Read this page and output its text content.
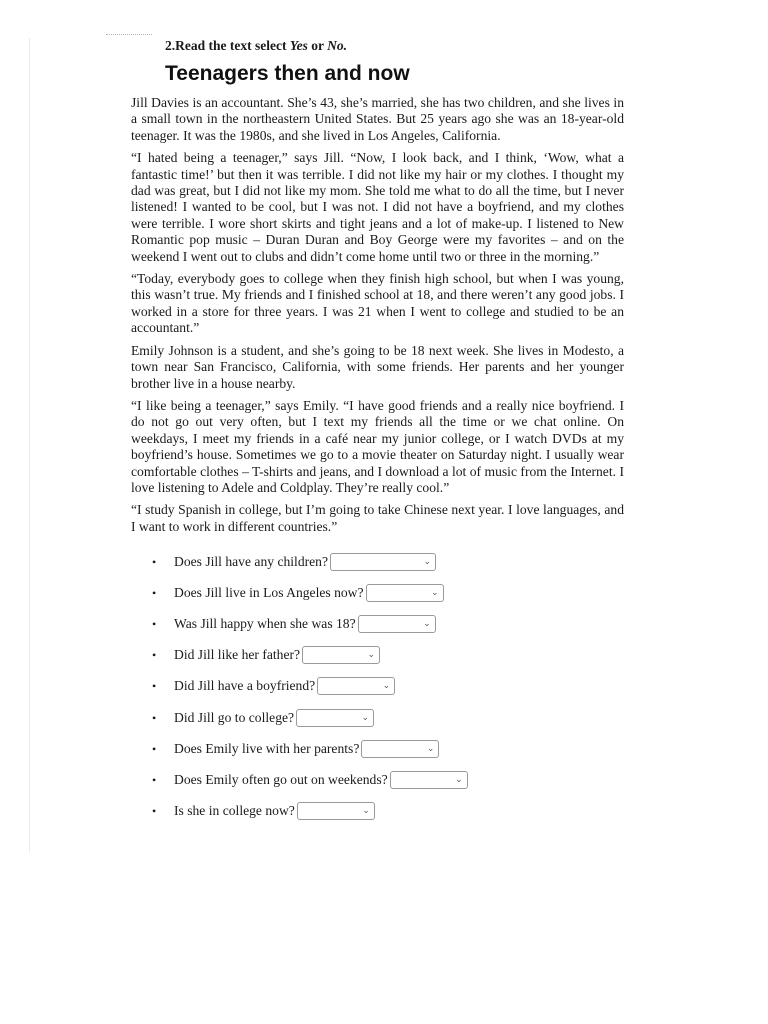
2.Read the text select Yes or No.
Teenagers then and now

Jill Davies is an accountant. She’s 43, she’s married, she has two children, and she lives in a small town in the northeastern United States. But 25 years ago she was an 18-year-old teenager. It was the 1980s, and she lived in Los Angeles, California.

“I hated being a teenager,” says Jill. “Now, I look back, and I think, ‘Wow, what a fantastic time!’ but then it was terrible. I did not like my hair or my clothes. I thought my dad was great, but I did not like my mom. She told me what to do all the time, but I never listened! I wanted to be cool, but I was not. I did not have a boyfriend, and my clothes were terrible. I wore short skirts and tight jeans and a lot of make-up. I listened to New Romantic pop music – Duran Duran and Boy George were my favorites – and on the weekend I went out to clubs and didn’t come home until two or three in the morning.”

“Today, everybody goes to college when they finish high school, but when I was young, this wasn’t true. My friends and I finished school at 18, and there weren’t any good jobs. I worked in a store for three years. I was 21 when I went to college and studied to be an accountant.”

Emily Johnson is a student, and she’s going to be 18 next week. She lives in Modesto, a town near San Francisco, California, with some friends. Her parents and her younger brother live in a house nearby.

“I like being a teenager,” says Emily. “I have good friends and a really nice boyfriend. I do not go out very often, but I text my friends all the time or we chat online. On weekdays, I meet my friends in a café near my junior college, or I watch DVDs at my boyfriend’s house. Sometimes we go to a movie theater on Saturday night. I usually wear comfortable clothes – T-shirts and jeans, and I download a lot of music from the Internet. I love listening to Adele and Coldplay. They’re really cool.”

“I study Spanish in college, but I’m going to take Chinese next year. I love languages, and I want to work in different countries.”

•	Does Jill have any children?	⌄
•	Does Jill live in Los Angeles now?	⌄
•	Was Jill happy when she was 18?	⌄
•	Did Jill like her father?	⌄
•	Did Jill have a boyfriend?	⌄
•	Did Jill go to college?	⌄
•	Does Emily live with her parents?	⌄
•	Does Emily often go out on weekends?	⌄
•	Is she in college now?	⌄
